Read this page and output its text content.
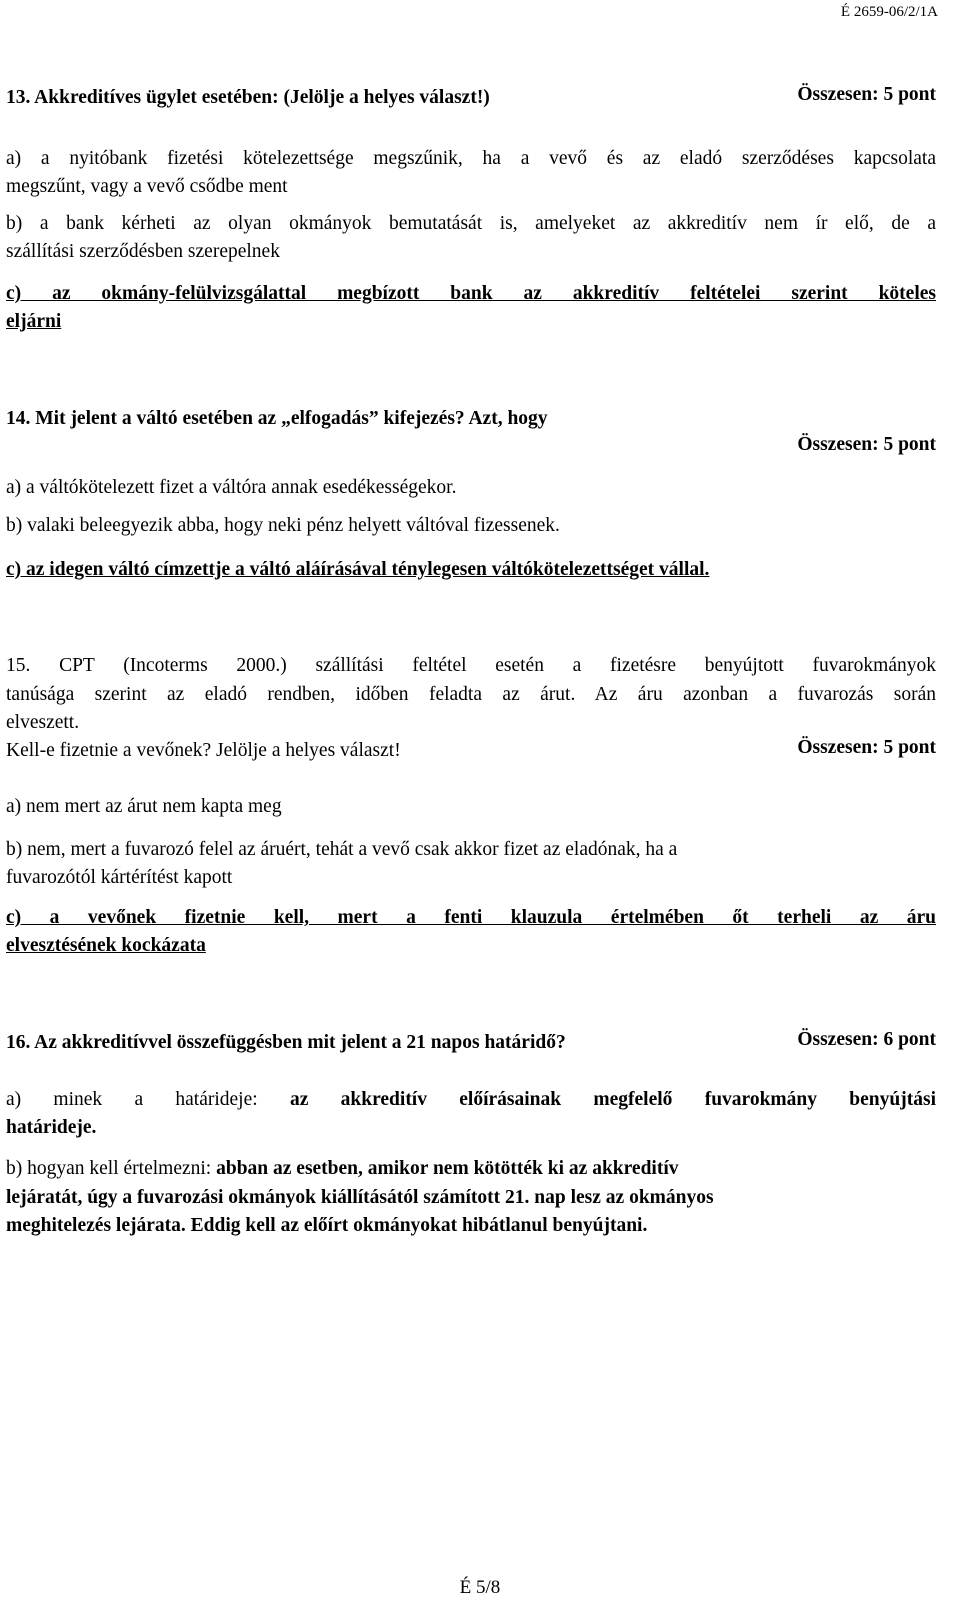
É 2659-06/2/1A

13. Akkreditíves ügylet esetében: (Jelölje a helyes választ!)	Összesen: 5 pont

a) a nyitóbank fizetési kötelezettsége megszűnik, ha a vevő és az eladó szerződéses kapcsolata

megszűnt, vagy a vevő csődbe ment

b) a bank kérheti az olyan okmányok bemutatását is, amelyeket az akkreditív nem ír elő, de a

szállítási szerződésben szerepelnek

c) az okmány-felülvizsgálattal megbízott bank az akkreditív feltételei szerint köteles

eljárni

14. Mit jelent a váltó esetében az „elfogadás” kifejezés? Azt, hogy

Összesen: 5 pont

a) a váltókötelezett fizet a váltóra annak esedékességekor.

b) valaki beleegyezik abba, hogy neki pénz helyett váltóval fizessenek.

c) az idegen váltó címzettje a váltó aláírásával ténylegesen váltókötelezettséget vállal.

15. CPT (Incoterms 2000.) szállítási feltétel esetén a fizetésre benyújtott fuvarokmányok

tanúsága szerint az eladó rendben, időben feladta az árut. Az áru azonban a fuvarozás során

elveszett.

Kell-e fizetnie a vevőnek? Jelölje a helyes választ!	Összesen: 5 pont

a) nem mert az árut nem kapta meg

b) nem, mert a fuvarozó felel az áruért, tehát a vevő csak akkor fizet az eladónak, ha a

fuvarozótól kártérítést kapott

c) a vevőnek fizetnie kell, mert a fenti klauzula értelmében őt terheli az áru

elvesztésének kockázata

16. Az akkreditívvel összefüggésben mit jelent a 21 napos határidő?	Összesen: 6 pont

a) minek a határideje: az akkreditív előírásainak megfelelő fuvarokmány benyújtási

határideje.

b) hogyan kell értelmezni: abban az esetben, amikor nem kötötték ki az akkreditív

lejáratát, úgy a fuvarozási okmányok kiállításától számított 21. nap lesz az okmányos

meghitelezés lejárata. Eddig kell az előírt okmányokat hibátlanul benyújtani.

É 5/8
